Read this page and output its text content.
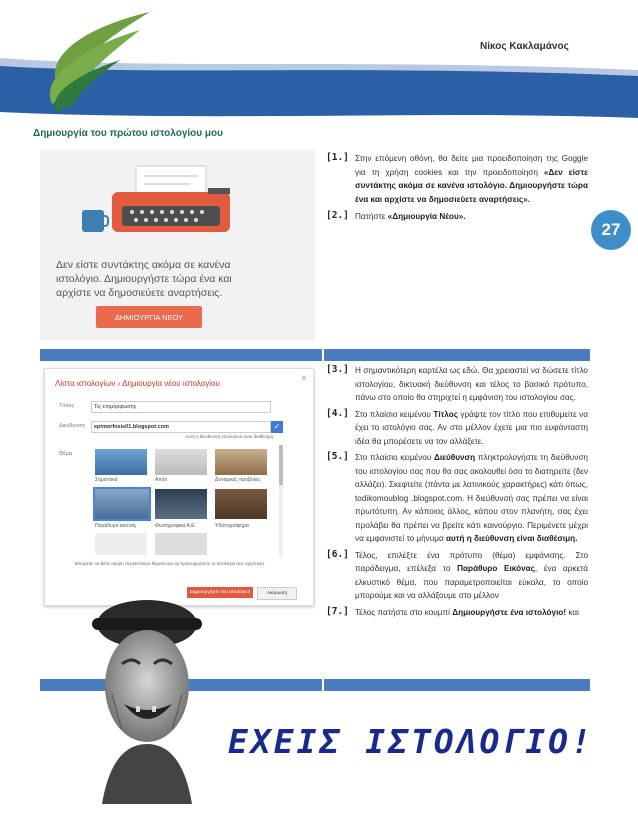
Νίκος Κακλαμάνος
Δημιουργία του πρώτου ιστολογίου μου
Δεν είστε συντάκτης ακόμα σε κανένα ιστολόγιο. Δημιουργήστε τώρα ένα και αρχίστε να δημοσιεύετε αναρτήσεις.
ΔΗΜΙΟΥΡΓΙΑ ΝΕΟΥ
[1.] Στην επόμενη οθόνη, θα δείτε μια προειδοποίηση της Goggle για τη χρήση cookies και την προειδοποίηση «Δεν είστε συντάκτης ακόμα σε κανένα ιστολόγιο. Δημιουργήστε τώρα ένα και αρχίστε να δημοσιεύετε αναρτήσεις».
[2.] Πατήστε «Δημιουργία Νέου».
27
Λίστα ιστολογίων › Δημιουργία νέου ιστολογίου	×
Τίτλος	Τις επιμόρφωσης
Διεύθυνση	epimorfosis01.blogspot.com	✓
Αυτή η διεύθυνση ιστολογίου είναι διαθέσιμη.
Θέμα
Σημαντικά	Απλό	Δυναμικές προβολές
Παράθυρο εικόνας	Φωτογραφικά Α.Ε.	Υδατογράφημα
Μπορείτε να δείτε ακόμη περισσότερα θέματα και να προσαρμόσετε το ιστολόγιό σας αργότερα.
Δημιουργήστε ένα ιστολόγιο!	Ακύρωση
[3.] Η σημαντικότερη καρτέλα ως εδώ. Θα χρειαστεί να δώσετε τίτλο ιστολογίου, δικτυακή διεύθυνση και τέλος το βασικό πρότυπο, πάνω στο οποίο θα στηριχτεί η εμφάνιση του ιστολογίου σας.
[4.] Στο πλαίσιο κειμένου Τίτλος γράψτε τον τίτλο που επιθυμείτε να έχει το ιστολόγιο σας. Αν στο μέλλον έχετε μια πιο ευφάνταστη ιδέα θα μπορέσετε να τον αλλάξετε.
[5.] Στο πλαίσιο κειμένου Διεύθυνση πληκτρολογήστε τη διεύθυνση του ιστολογίου σας που θα σας ακολουθεί όσο το διατηρείτε (δεν αλλάζει). Σκεφτείτε (πάντα με λατινικούς χαρακτήρες) κάτι όπως, todikomoublog .blogspot.com. Η διεύθυνσή σας πρέπει να είναι πρωτότυπη. Αν κάποιος άλλος, κάπου στον πλανήτη, σας έχει προλάβει θα πρέπει να βρείτε κάτι καινούργιο. Περιμένετε μέχρι να εμφανιστεί το μήνυμα αυτή η διεύθυνση είναι διαθέσιμη.
[6.] Τέλος, επιλέξτε ένα πρότυπο (θέμα) εμφάνισης. Στο παράδειγμα, επέλεξα το Παράθυρο Εικόνας, ένα αρκετά ελκυστικό θέμα, που παραμετροποιείται εύκολα, το οποίο μπορούμε και να αλλάξουμε στο μέλλον
[7.] Τέλος πατήστε στο κουμπί Δημιουργήστε ένα ιστολόγιο! και
ΕΧΕΙΣ ΙΣΤΟΛΟΓΙΟ!
